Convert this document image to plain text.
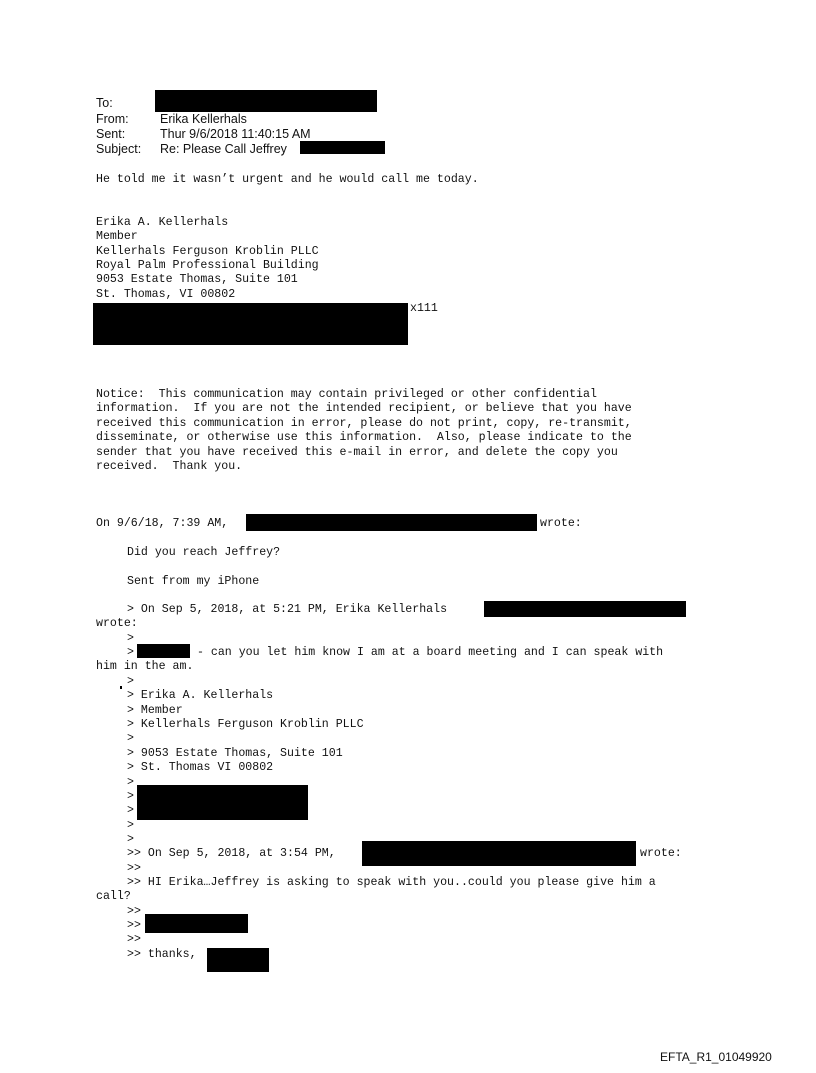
To:
From:	Erika Kellerhals
Sent:	Thur 9/6/2018 11:40:15 AM
Subject: Re: Please Call Jeffrey
He told me it wasn’t urgent and he would call me today.
Erika A. Kellerhals
Member
Kellerhals Ferguson Kroblin PLLC
Royal Palm Professional Building
9053 Estate Thomas, Suite 101
St. Thomas, VI 00802
x111
Notice:  This communication may contain privileged or other confidential
information.  If you are not the intended recipient, or believe that you have
received this communication in error, please do not print, copy, re-transmit,
disseminate, or otherwise use this information.  Also, please indicate to the
sender that you have received this e-mail in error, and delete the copy you
received.  Thank you.
On 9/6/18, 7:39 AM,	wrote:
Did you reach Jeffrey?
Sent from my iPhone
> On Sep 5, 2018, at 5:21 PM, Erika Kellerhals
wrote:
>
>	- can you let him know I am at a board meeting and I can speak with
him in the am.
>
> Erika A. Kellerhals
> Member
> Kellerhals Ferguson Kroblin PLLC
>
> 9053 Estate Thomas, Suite 101
> St. Thomas VI 00802
>
>
>
>
>
>> On Sep 5, 2018, at 3:54 PM,	wrote:
>>
>> HI Erika…Jeffrey is asking to speak with you..could you please give him a
call?
>>
>>
>>
>> thanks,
EFTA_R1_01049920
